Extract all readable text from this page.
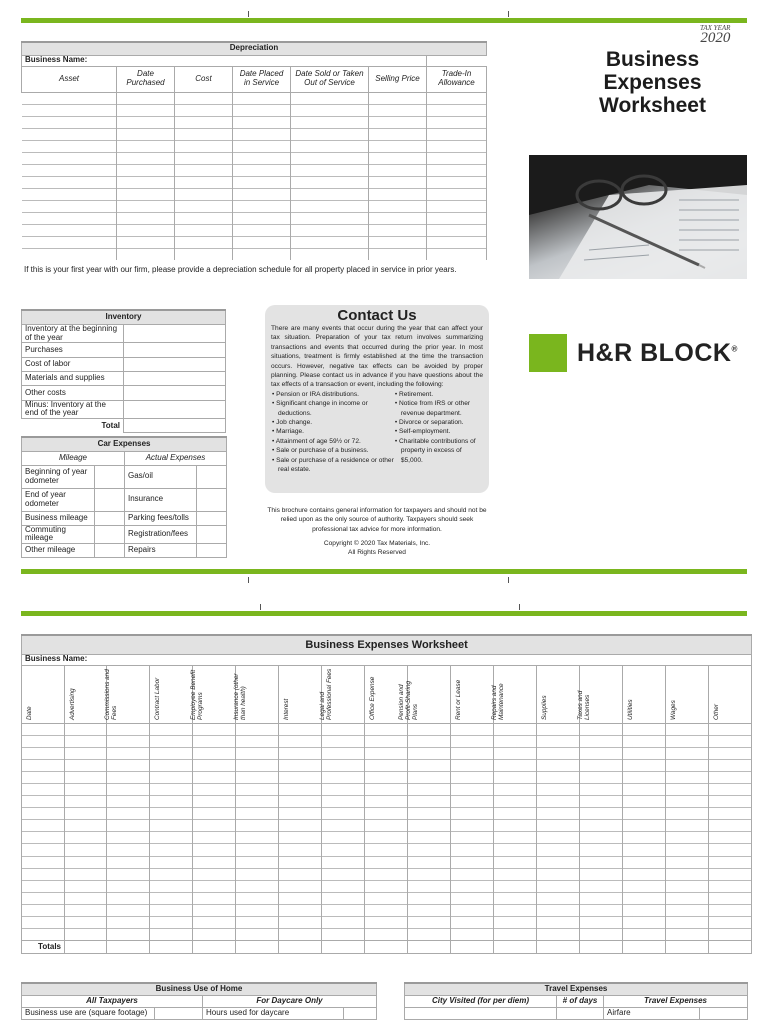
Depreciation						
Business Name:						
Asset	Date Purchased	Cost	Date Placed in Service	Date Sold or Taken Out of Service	Selling Price	Trade-In Allowance

If this is your first year with our firm, please provide a depreciation schedule for all property placed in service in prior years.
TAX YEAR
2020
Business
Expenses
Worksheet
H&R BLOCK®
Inventory	
Inventory at the beginning of the year	
Purchases	
Cost of labor	
Materials and supplies	
Other costs	
Minus: Inventory at the end of the year	
Total	
Car Expenses			
Mileage		Actual Expenses	
Beginning of year odometer		Gas/oil	
End of year odometer		Insurance	
Business mileage		Parking fees/tolls	
Commuting mileage		Registration/fees	
Other mileage		Repairs	
Contact Us

There are many events that occur during the year that can affect your tax situation. Preparation of your tax return involves summarizing transactions and events that occurred during the prior year. In most situations, treatment is firmly established at the time the transaction occurs. However, negative tax effects can be avoided by proper planning. Please contact us in advance if you have questions about the tax effects of a transaction or event, including the following:

• Pension or IRA distributions.
• Significant change in income or deductions.
• Job change.
• Marriage.
• Attainment of age 59½ or 72.
• Sale or purchase of a business.
• Sale or purchase of a residence or other real estate.
• Retirement.
• Notice from IRS or other revenue department.
• Divorce or separation.
• Self-employment.
• Charitable contributions of property in excess of $5,000.
This brochure contains general information for taxpayers and should not be relied upon as the only source of authority. Taxpayers should seek professional tax advice for more information.
Copyright © 2020 Tax Materials, Inc.
All Rights Reserved
Business Expenses Worksheet																
Business Name:																

Date	Advertising	Commissions and Fees	Contract Labor	Employee Benefit Programs	Insurance (other than health)	Interest	Legal and Professional Fees	Office Expense	Pension and Profit-Sharing Plans	Rent or Lease	Repairs and Maintenance	Supplies	Taxes and Licenses	Utilities	Wages	Other

Totals																
Business Use of Home			
All Taxpayers		For Daycare Only	
Business use are (square footage)		Hours used for daycare	
Travel Expenses			
City Visited (for per diem)	# of days	Travel Expenses	
		Airfare	
